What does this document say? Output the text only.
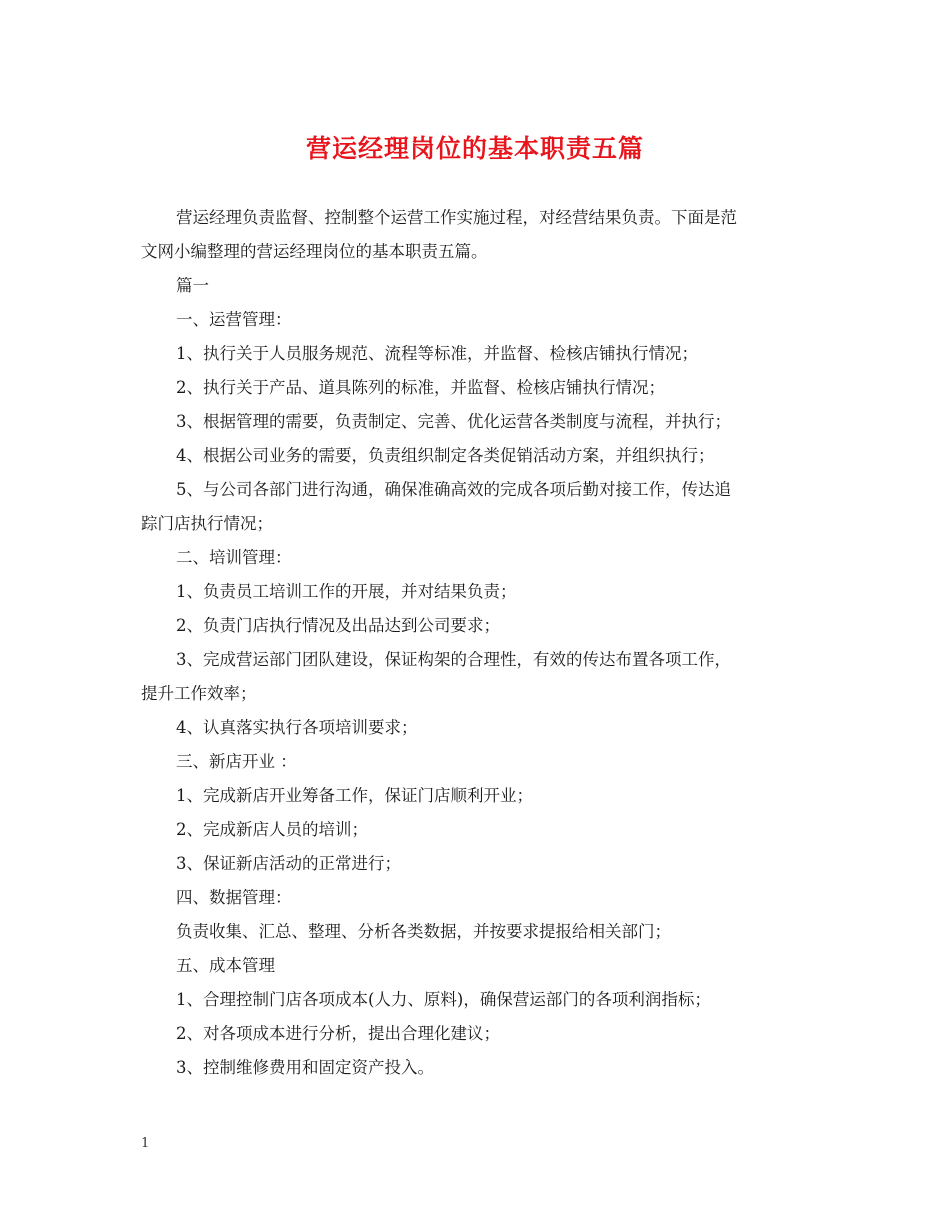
营运经理岗位的基本职责五篇

营运经理负责监督、控制整个运营工作实施过程，对经营结果负责。下面是范

文网小编整理的营运经理岗位的基本职责五篇。

篇一

一、运营管理：

1、执行关于人员服务规范、流程等标准，并监督、检核店铺执行情况；

2、执行关于产品、道具陈列的标准，并监督、检核店铺执行情况；

3、根据管理的需要，负责制定、完善、优化运营各类制度与流程，并执行；

4、根据公司业务的需要，负责组织制定各类促销活动方案，并组织执行；

5、与公司各部门进行沟通，确保准确高效的完成各项后勤对接工作，传达追

踪门店执行情况；

二、培训管理：

1、负责员工培训工作的开展，并对结果负责；

2、负责门店执行情况及出品达到公司要求；

3、完成营运部门团队建设，保证构架的合理性，有效的传达布置各项工作，

提升工作效率；

4、认真落实执行各项培训要求；

三、新店开业 ：

1、完成新店开业筹备工作，保证门店顺利开业；

2、完成新店人员的培训；

3、保证新店活动的正常进行；

四、数据管理：

负责收集、汇总、整理、分析各类数据，并按要求提报给相关部门；

五、成本管理

1、合理控制门店各项成本(人力、原料)，确保营运部门的各项利润指标；

2、对各项成本进行分析，提出合理化建议；

3、控制维修费用和固定资产投入。

1
